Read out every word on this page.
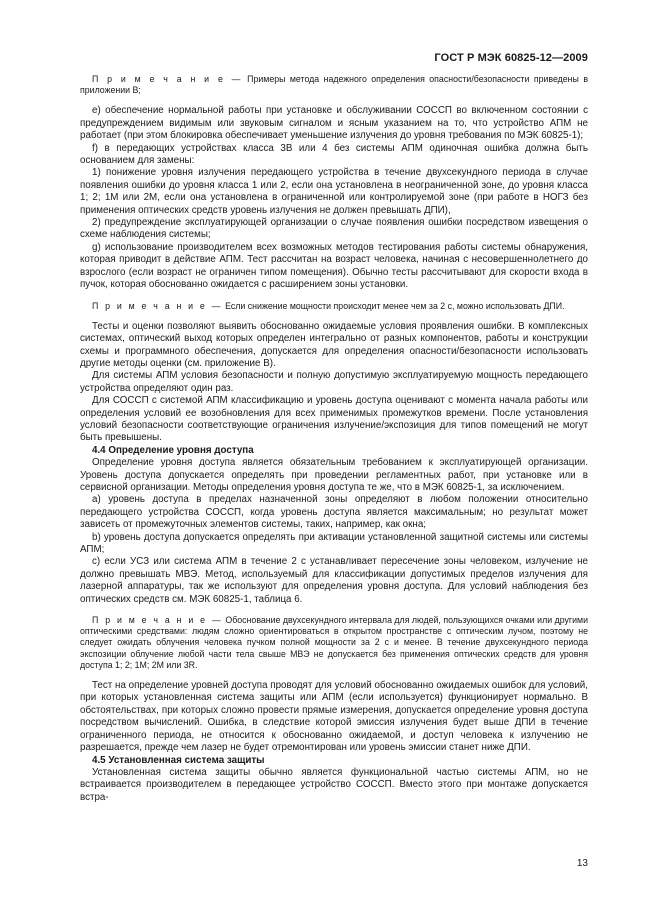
ГОСТ Р МЭК 60825-12—2009

П р и м е ч а н и е — Примеры метода надежного определения опасности/безопасности приведены в приложении В;

е) обеспечение нормальной работы при установке и обслуживании СОССП во включенном состоянии с предупреждением видимым или звуковым сигналом и ясным указанием на то, что устройство АПМ не работает (при этом блокировка обеспечивает уменьшение излучения до уровня требования по МЭК 60825-1);

f) в передающих устройствах класса 3В или 4 без системы АПМ одиночная ошибка должна быть основанием для замены:

1) понижение уровня излучения передающего устройства в течение двухсекундного периода в случае появления ошибки до уровня класса 1 или 2, если она установлена в неограниченной зоне, до уровня класса 1; 2; 1М или 2М, если она установлена в ограниченной или контролируемой зоне (при работе в НОГЗ без применения оптических средств уровень излучения не должен превышать ДПИ),

2) предупреждение эксплуатирующей организации о случае появления ошибки посредством извещения о схеме наблюдения системы;

g) использование производителем всех возможных методов тестирования работы системы обнаружения, которая приводит в действие АПМ. Тест рассчитан на возраст человека, начиная с несовершеннолетнего до взрослого (если возраст не ограничен типом помещения). Обычно тесты рассчитывают для скорости входа в пучок, которая обоснованно ожидается с расширением зоны установки.

П р и м е ч а н и е — Если снижение мощности происходит менее чем за 2 с, можно использовать ДПИ.

Тесты и оценки позволяют выявить обоснованно ожидаемые условия проявления ошибки. В комплексных системах, оптический выход которых определен интегрально от разных компонентов, работы и конструкции схемы и программного обеспечения, допускается для определения опасности/безопасности использовать другие методы оценки (см. приложение В).

Для системы АПМ условия безопасности и полную допустимую эксплуатируемую мощность передающего устройства определяют один раз.

Для СОССП с системой АПМ классификацию и уровень доступа оценивают с момента начала работы или определения условий ее возобновления для всех применимых промежутков времени. После установления условий безопасности соответствующие ограничения излучение/экспозиция для типов помещений не могут быть превышены.

4.4 Определение уровня доступа

Определение уровня доступа является обязательным требованием к эксплуатирующей организации. Уровень доступа допускается определять при проведении регламентных работ, при установке или в сервисной организации. Методы определения уровня доступа те же, что в МЭК 60825-1, за исключением.

а) уровень доступа в пределах назначенной зоны определяют в любом положении относительно передающего устройства СОССП, когда уровень доступа является максимальным; но результат может зависеть от промежуточных элементов системы, таких, например, как окна;

b) уровень доступа допускается определять при активации установленной защитной системы или системы АПМ;

с) если УСЗ или система АПМ в течение 2 с устанавливает пересечение зоны человеком, излучение не должно превышать МВЭ. Метод, используемый для классификации допустимых пределов излучения для лазерной аппаратуры, так же используют для определения уровня доступа. Для условий наблюдения без оптических средств см. МЭК 60825-1, таблица 6.

П р и м е ч а н и е — Обоснование двухсекундного интервала для людей, пользующихся очками или другими оптическими средствами: людям сложно ориентироваться в открытом пространстве с оптическим лучом, поэтому не следует ожидать облучения человека пучком полной мощности за 2 с и менее. В течение двухсекундного периода экспозиции облучение любой части тела свыше МВЭ не допускается без применения оптических средств для уровня доступа 1; 2; 1М; 2М или 3R.

Тест на определение уровней доступа проводят для условий обоснованно ожидаемых ошибок для условий, при которых установленная система защиты или АПМ (если используется) функционирует нормально. В обстоятельствах, при которых сложно провести прямые измерения, допускается определение уровня доступа посредством вычислений. Ошибка, в следствие которой эмиссия излучения будет выше ДПИ в течение ограниченного периода, не относится к обоснованно ожидаемой, и доступ человека к излучению не разрешается, прежде чем лазер не будет отремонтирован или уровень эмиссии станет ниже ДПИ.

4.5 Установленная система защиты

Установленная система защиты обычно является функциональной частью системы АПМ, но не встраивается производителем в передающее устройство СОССП. Вместо этого при монтаже допускается встра-

13
